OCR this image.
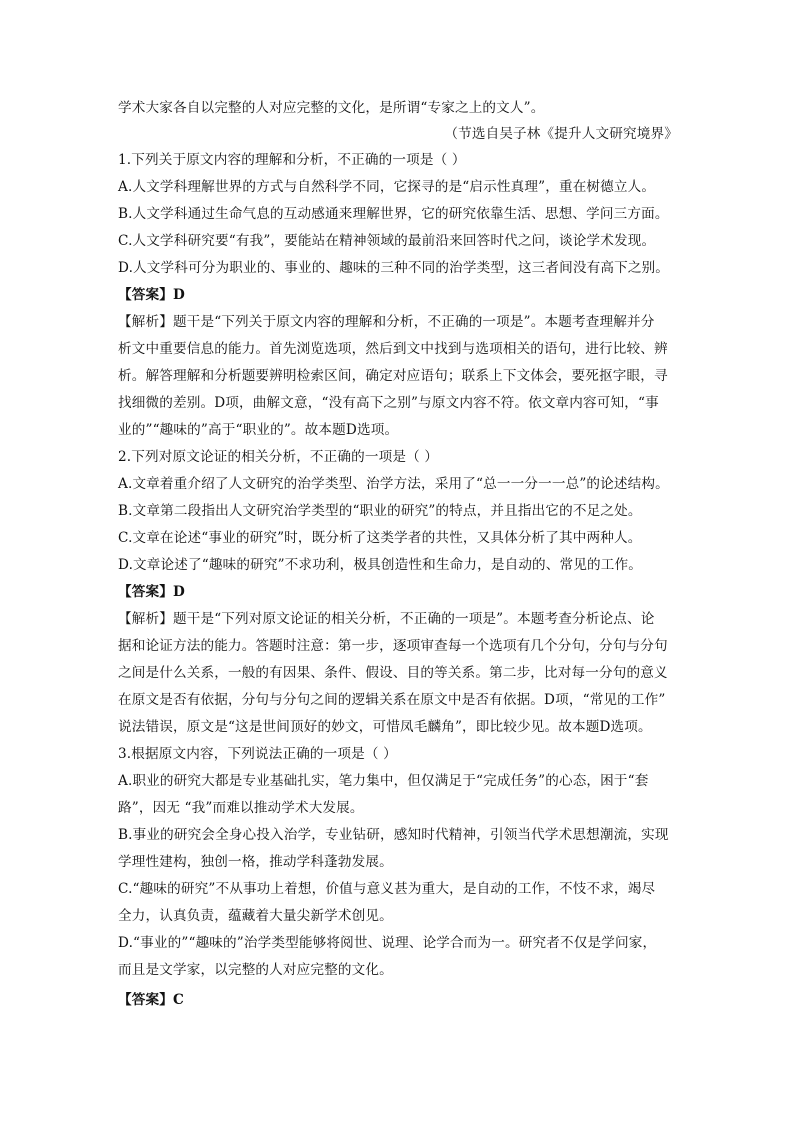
学术大家各自以完整的人对应完整的文化，是所谓“专家之上的文人”。
（节选自吴子林《提升人文研究境界》
1.下列关于原文内容的理解和分析，不正确的一项是（ ）
A.人文学科理解世界的方式与自然科学不同，它探寻的是“启示性真理”，重在树德立人。
B.人文学科通过生命气息的互动感通来理解世界，它的研究依靠生活、思想、学问三方面。
C.人文学科研究要“有我”，要能站在精神领域的最前沿来回答时代之问，谈论学术发现。
D.人文学科可分为职业的、事业的、趣味的三种不同的治学类型，这三者间没有高下之别。
【答案】D
【解析】题干是“下列关于原文内容的理解和分析，不正确的一项是”。本题考查理解并分
析文中重要信息的能力。首先浏览选项，然后到文中找到与选项相关的语句，进行比较、辨
析。解答理解和分析题要辨明检索区间，确定对应语句；联系上下文体会，要死抠字眼，寻
找细微的差别。D项，曲解文意，“没有高下之别”与原文内容不符。依文章内容可知，“事
业的”“趣味的”高于“职业的”。故本题D选项。
2.下列对原文论证的相关分析，不正确的一项是（ ）
A.文章着重介绍了人文研究的治学类型、治学方法，采用了“总一一分一一总”的论述结构。
B.文章第二段指出人文研究治学类型的“职业的研究”的特点，并且指出它的不足之处。
C.文章在论述“事业的研究”时，既分析了这类学者的共性，又具体分析了其中两种人。
D.文章论述了“趣味的研究”不求功利，极具创造性和生命力，是自动的、常见的工作。
【答案】D
【解析】题干是“下列对原文论证的相关分析，不正确的一项是”。本题考查分析论点、论
据和论证方法的能力。答题时注意：第一步，逐项审查每一个选项有几个分句，分句与分句
之间是什么关系，一般的有因果、条件、假设、目的等关系。第二步，比对每一分句的意义
在原文是否有依据，分句与分句之间的逻辑关系在原文中是否有依据。D项，“常见的工作”
说法错误，原文是“这是世间顶好的妙文，可惜凤毛麟角”，即比较少见。故本题D选项。
3.根据原文内容，下列说法正确的一项是（ ）
A.职业的研究大都是专业基础扎实，笔力集中，但仅满足于“完成任务”的心态，困于“套
路”，因无 “我”而难以推动学术大发展。
B.事业的研究会全身心投入治学，专业钻研，感知时代精神，引领当代学术思想潮流，实现
学理性建构，独创一格，推动学科蓬勃发展。
C.“趣味的研究”不从事功上着想，价值与意义甚为重大，是自动的工作，不忮不求，竭尽
全力，认真负责，蕴藏着大量尖新学术创见。
D.“事业的”“趣味的”治学类型能够将阅世、说理、论学合而为一。研究者不仅是学问家，
而且是文学家，以完整的人对应完整的文化。
【答案】C
